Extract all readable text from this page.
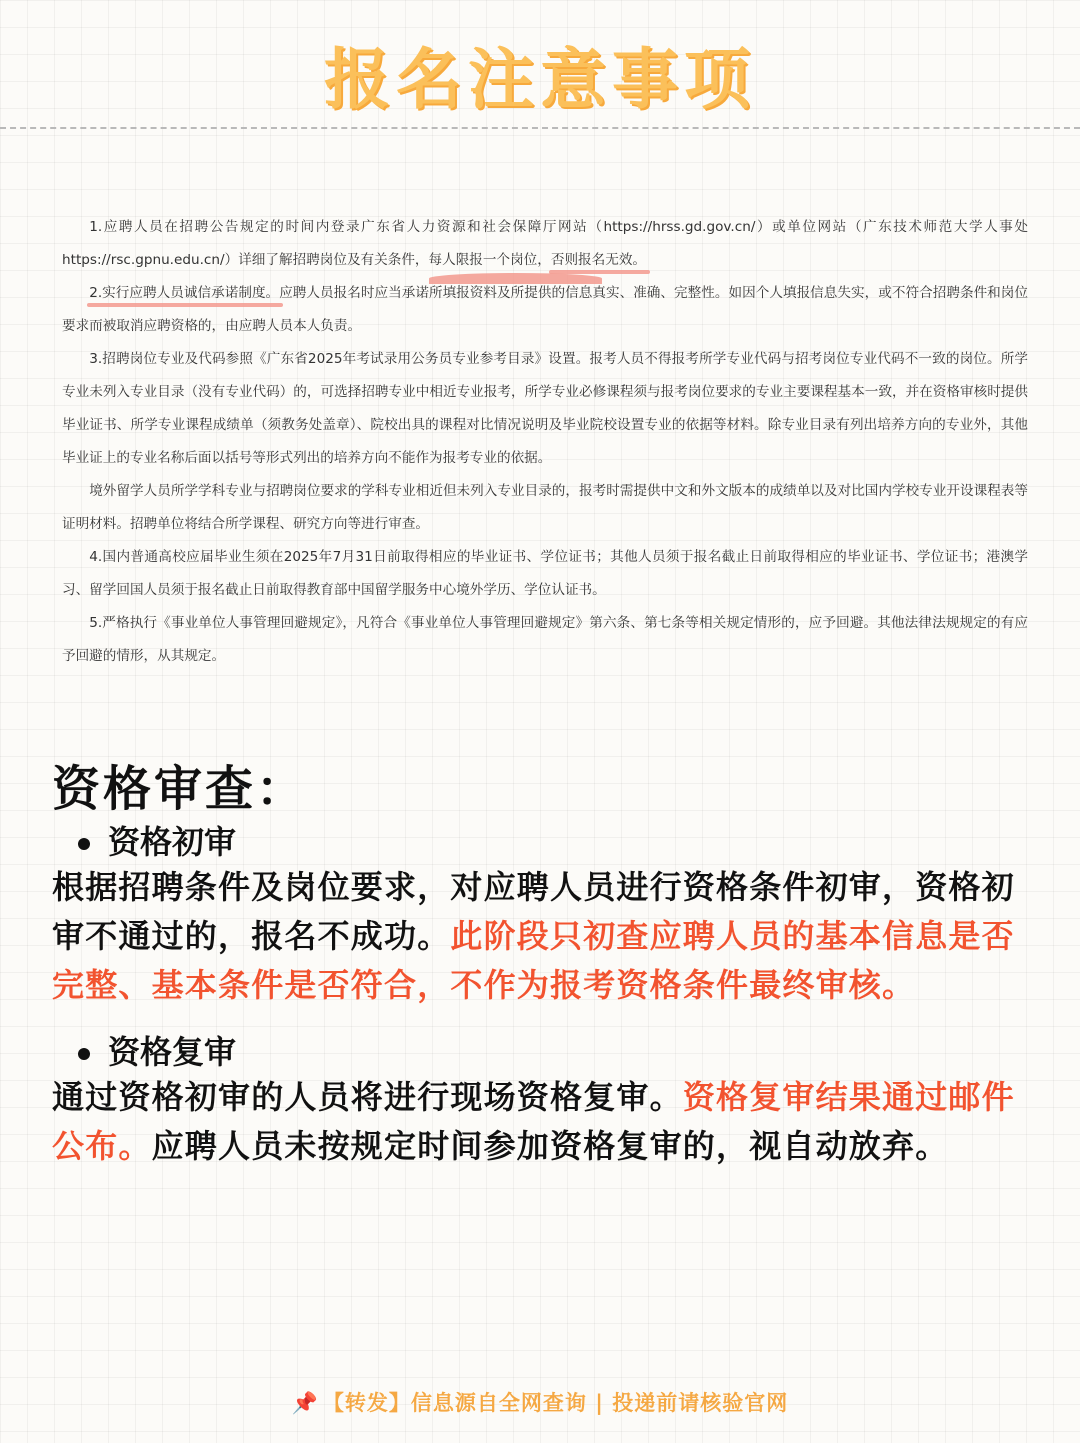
报名注意事项

1.应聘人员在招聘公告规定的时间内登录广东省人力资源和社会保障厅网站（https://hrss.gd.gov.cn/）或单位网站（广东技术师范大学人事处https://rsc.gpnu.edu.cn/）详细了解招聘岗位及有关条件，每人限报一个岗位，否则报名无效。

2.实行应聘人员诚信承诺制度。应聘人员报名时应当承诺所填报资料及所提供的信息真实、准确、完整性。如因个人填报信息失实，或不符合招聘条件和岗位要求而被取消应聘资格的，由应聘人员本人负责。

3.招聘岗位专业及代码参照《广东省2025年考试录用公务员专业参考目录》设置。报考人员不得报考所学专业代码与招考岗位专业代码不一致的岗位。所学专业未列入专业目录（没有专业代码）的，可选择招聘专业中相近专业报考，所学专业必修课程须与报考岗位要求的专业主要课程基本一致，并在资格审核时提供毕业证书、所学专业课程成绩单（须教务处盖章）、院校出具的课程对比情况说明及毕业院校设置专业的依据等材料。除专业目录有列出培养方向的专业外，其他毕业证上的专业名称后面以括号等形式列出的培养方向不能作为报考专业的依据。

境外留学人员所学学科专业与招聘岗位要求的学科专业相近但未列入专业目录的，报考时需提供中文和外文版本的成绩单以及对比国内学校专业开设课程表等证明材料。招聘单位将结合所学课程、研究方向等进行审查。

4.国内普通高校应届毕业生须在2025年7月31日前取得相应的毕业证书、学位证书；其他人员须于报名截止日前取得相应的毕业证书、学位证书；港澳学习、留学回国人员须于报名截止日前取得教育部中国留学服务中心境外学历、学位认证书。

5.严格执行《事业单位人事管理回避规定》，凡符合《事业单位人事管理回避规定》第六条、第七条等相关规定情形的，应予回避。其他法律法规规定的有应予回避的情形，从其规定。

资格审查：
资格初审
根据招聘条件及岗位要求，对应聘人员进行资格条件初审，资格初审不通过的，报名不成功。此阶段只初查应聘人员的基本信息是否完整、基本条件是否符合，不作为报考资格条件最终审核。
资格复审
通过资格初审的人员将进行现场资格复审。资格复审结果通过邮件公布。应聘人员未按规定时间参加资格复审的，视自动放弃。
📌 【转发】信息源自全网查询 | 投递前请核验官网
